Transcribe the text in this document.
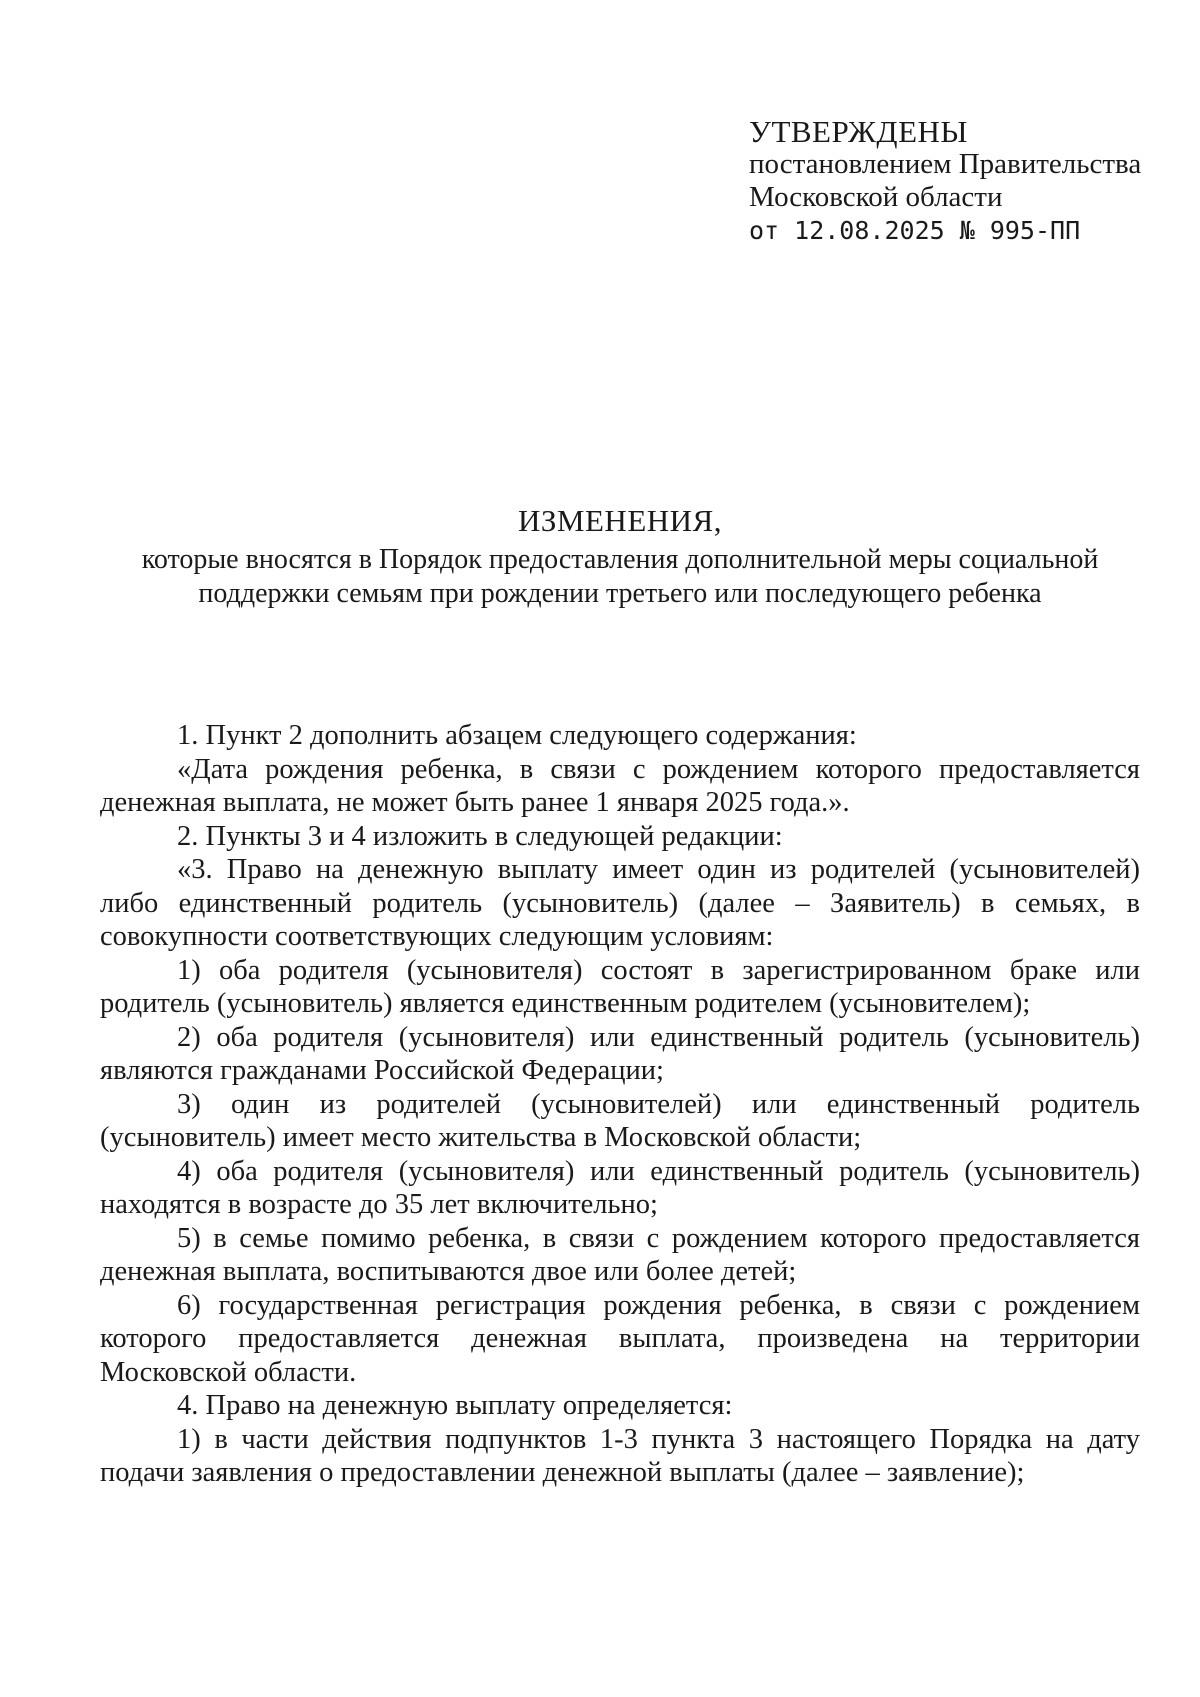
УТВЕРЖДЕНЫ
постановлением Правительства
Московской области
от 12.08.2025 № 995-ПП
ИЗМЕНЕНИЯ,
которые вносятся в Порядок предоставления дополнительной меры социальной поддержки семьям при рождении третьего или последующего ребенка

1. Пункт 2 дополнить абзацем следующего содержания:

«Дата рождения ребенка, в связи с рождением которого предоставляется денежная выплата, не может быть ранее 1 января 2025 года.».

2. Пункты 3 и 4 изложить в следующей редакции:

«3. Право на денежную выплату имеет один из родителей (усыновителей) либо единственный родитель (усыновитель) (далее – Заявитель) в семьях, в совокупности соответствующих следующим условиям:

1) оба родителя (усыновителя) состоят в зарегистрированном браке или родитель (усыновитель) является единственным родителем (усыновителем);

2) оба родителя (усыновителя) или единственный родитель (усыновитель) являются гражданами Российской Федерации;

3) один из родителей (усыновителей) или единственный родитель (усыновитель) имеет место жительства в Московской области;

4) оба родителя (усыновителя) или единственный родитель (усыновитель) находятся в возрасте до 35 лет включительно;

5) в семье помимо ребенка, в связи с рождением которого предоставляется денежная выплата, воспитываются двое или более детей;

6) государственная регистрация рождения ребенка, в связи с рождением которого предоставляется денежная выплата, произведена на территории Московской области.

4. Право на денежную выплату определяется:

1) в части действия подпунктов 1-3 пункта 3 настоящего Порядка на дату подачи заявления о предоставлении денежной выплаты (далее – заявление);
